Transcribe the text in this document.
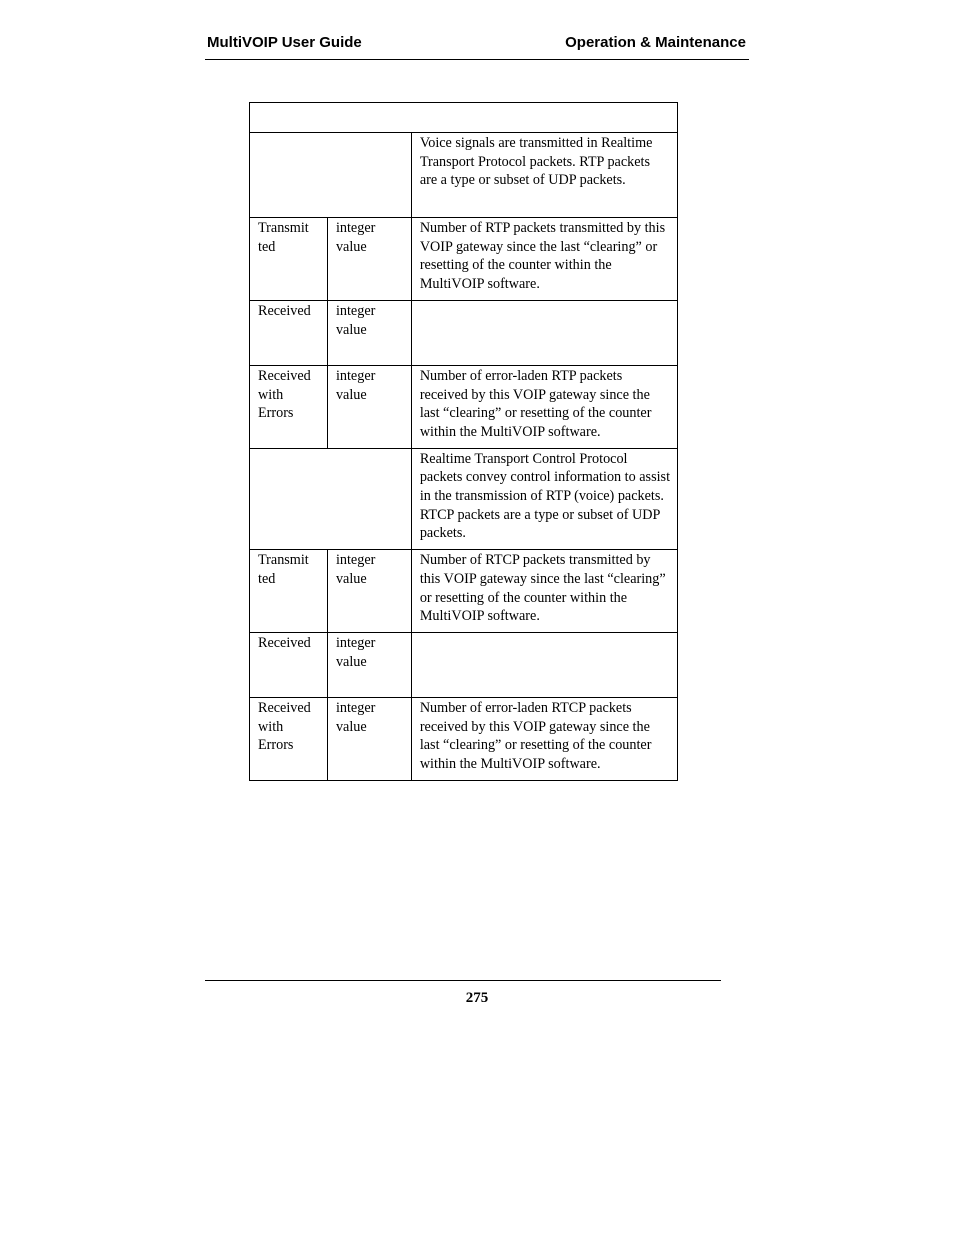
MultiVOIP User Guide	Operation & Maintenance

		Voice signals are transmitted in Realtime Transport Protocol packets. RTP packets are a type or subset of UDP packets.
Transmit ted	integer value	Number of RTP packets transmitted by this VOIP gateway since the last “clearing” or resetting of the counter within the MultiVOIP software.
Received	integer value	
Received with Errors	integer value	Number of error-laden RTP packets received by this VOIP gateway since the last “clearing” or resetting of the counter within the MultiVOIP software.
		Realtime Transport Control Protocol packets convey control information to assist in the transmission of RTP (voice) packets. RTCP packets are a type or subset of UDP packets.
Transmit ted	integer value	Number of RTCP packets transmitted by this VOIP gateway since the last “clearing” or resetting of the counter within the MultiVOIP software.
Received	integer value	
Received with Errors	integer value	Number of error-laden RTCP packets received by this VOIP gateway since the last “clearing” or resetting of the counter within the MultiVOIP software.
275
